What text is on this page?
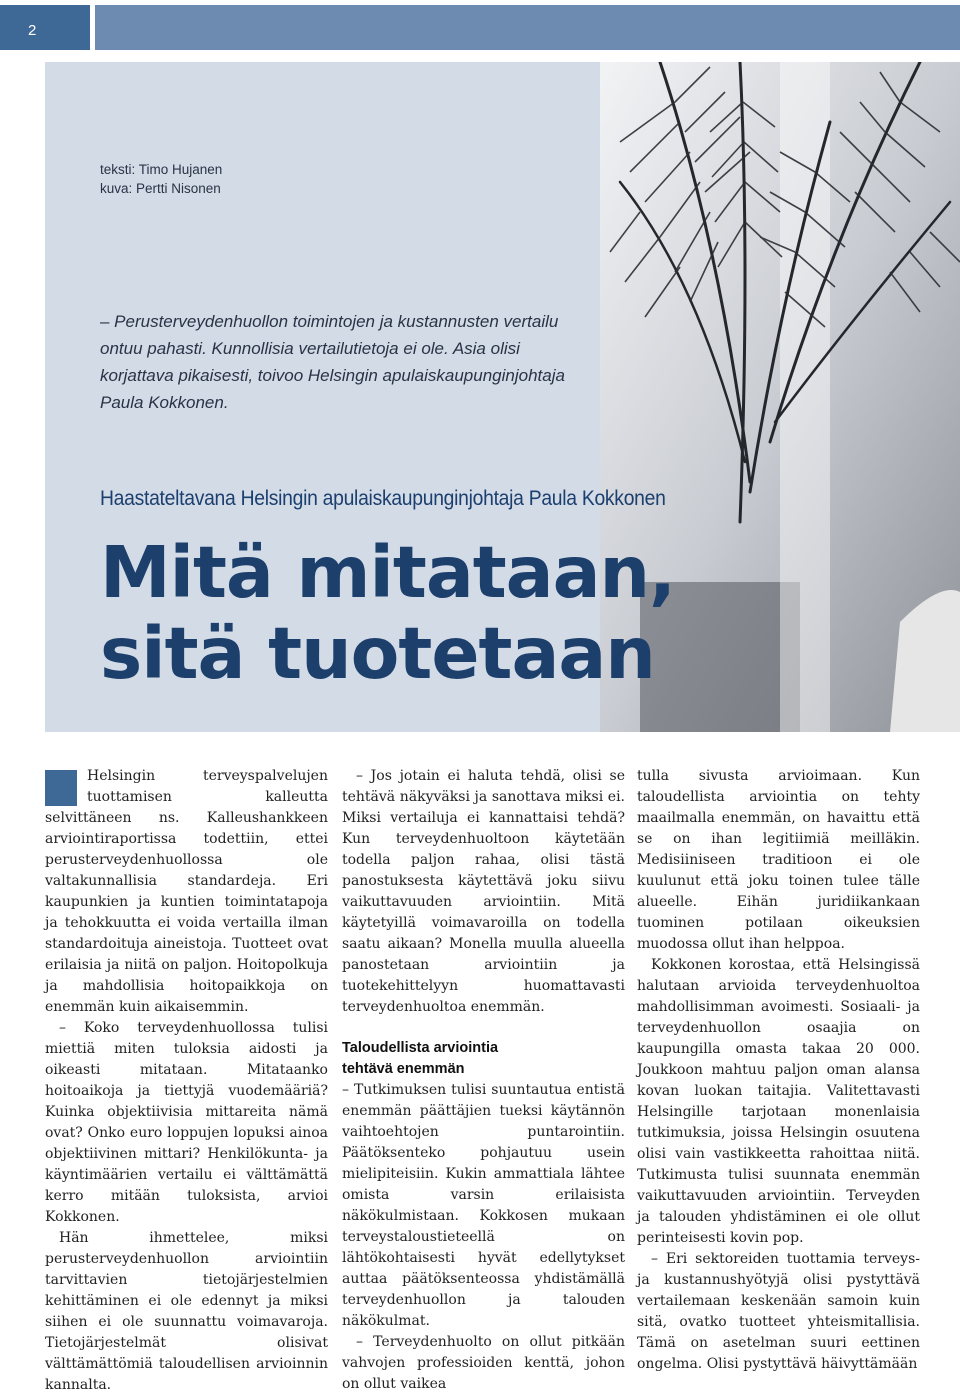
2
teksti: Timo Hujanen
kuva: Pertti Nisonen
– Perusterveydenhuollon toimintojen ja kustannusten vertailu ontuu pahasti. Kunnollisia vertailutietoja ei ole. Asia olisi korjattava pikaisesti, toivoo Helsingin apulaiskaupunginjohtaja Paula Kokkonen.
Haastateltavana Helsingin apulaiskaupunginjohtaja Paula Kokkonen
Mitä mitataan,
sitä tuotetaan

Helsingin terveyspalvelujen tuottamisen kalleutta selvittäneen ns. Kalleushankkeen arviointiraportissa todettiin, ettei perusterveydenhuollossa ole valtakunnallisia standardeja. Eri kaupunkien ja kuntien toimintatapoja ja tehokkuutta ei voida vertailla ilman standardoituja aineistoja. Tuotteet ovat erilaisia ja niitä on paljon. Hoitopolkuja ja mahdollisia hoitopaikkoja on enemmän kuin aikaisemmin.

– Koko terveydenhuollossa tulisi miettiä miten tuloksia aidosti ja oikeasti mitataan. Mitataanko hoitoaikoja ja tiettyjä vuodemääriä? Kuinka objektiivisia mittareita nämä ovat? Onko euro loppujen lopuksi ainoa objektiivinen mittari? Henkilökunta- ja käyntimäärien vertailu ei välttämättä kerro mitään tuloksista, arvioi Kokkonen.

Hän ihmettelee, miksi perusterveydenhuollon arviointiin tarvittavien tietojärjestelmien kehittäminen ei ole edennyt ja miksi siihen ei ole suunnattu voimavaroja. Tietojärjestelmät olisivat välttämättömiä taloudellisen arvioinnin kannalta.

– Jos jotain ei haluta tehdä, olisi se tehtävä näkyväksi ja sanottava miksi ei. Miksi vertailuja ei kannattaisi tehdä? Kun terveydenhuoltoon käytetään todella paljon rahaa, olisi tästä panostuksesta käytettävä joku siivu vaikuttavuuden arviointiin. Mitä käytetyillä voimavaroilla on todella saatu aikaan? Monella muulla alueella panostetaan arviointiin ja tuotekehittelyyn huomattavasti terveydenhuoltoa enemmän.

Taloudellista arviointia
tehtävä enemmän

– Tutkimuksen tulisi suuntautua entistä enemmän päättäjien tueksi käytännön vaihtoehtojen puntarointiin. Päätöksenteko pohjautuu usein mielipiteisiin. Kukin ammattiala lähtee omista varsin erilaisista näkökulmistaan. Kokkosen mukaan terveystaloustieteellä on lähtökohtaisesti hyvät edellytykset auttaa päätöksenteossa yhdistämällä terveydenhuollon ja talouden näkökulmat.

– Terveydenhuolto on ollut pitkään vahvojen professioiden kenttä, johon on ollut vaikea

tulla sivusta arvioimaan. Kun taloudellista arviointia on tehty maailmalla enemmän, on havaittu että se on ihan legitiimiä meilläkin. Medisiiniseen traditioon ei ole kuulunut että joku toinen tulee tälle alueelle. Eihän juridiikankaan tuominen potilaan oikeuksien muodossa ollut ihan helppoa.

Kokkonen korostaa, että Helsingissä halutaan arvioida terveydenhuoltoa mahdollisimman avoimesti. Sosiaali- ja terveydenhuollon osaajia on kaupungilla omasta takaa 20 000. Joukkoon mahtuu paljon oman alansa kovan luokan taitajia. Valitettavasti Helsingille tarjotaan monenlaisia tutkimuksia, joissa Helsingin osuutena olisi vain vastikkeetta rahoittaa niitä. Tutkimusta tulisi suunnata enemmän vaikuttavuuden arviointiin. Terveyden ja talouden yhdistäminen ei ole ollut perinteisesti kovin pop.

– Eri sektoreiden tuottamia terveys- ja kustannushyötyjä olisi pystyttävä vertailemaan keskenään samoin kuin sitä, ovatko tuotteet yhteismitallisia. Tämä on asetelman suuri eettinen ongelma. Olisi pystyttävä häivyttämään
